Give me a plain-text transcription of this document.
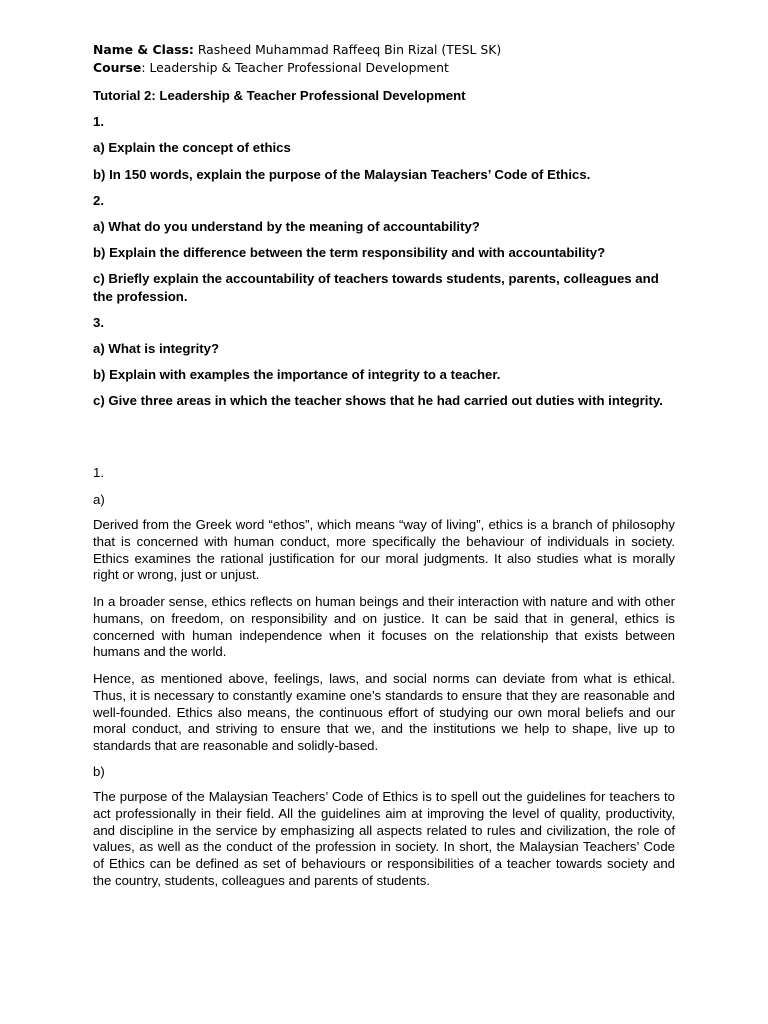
Name & Class: Rasheed Muhammad Raffeeq Bin Rizal (TESL SK)

Course: Leadership & Teacher Professional Development

Tutorial 2: Leadership & Teacher Professional Development

1.

a) Explain the concept of ethics

b) In 150 words, explain the purpose of the Malaysian Teachers’ Code of Ethics.

2.

a) What do you understand by the meaning of accountability?

b) Explain the difference between the term responsibility and with accountability?

c) Briefly explain the accountability of teachers towards students, parents, colleagues and the profession.

3.

a) What is integrity?

b) Explain with examples the importance of integrity to a teacher.

c) Give three areas in which the teacher shows that he had carried out duties with integrity.

1.

a)

Derived from the Greek word “ethos”, which means “way of living”, ethics is a branch of philosophy that is concerned with human conduct, more specifically the behaviour of individuals in society. Ethics examines the rational justification for our moral judgments. It also studies what is morally right or wrong, just or unjust.

In a broader sense, ethics reflects on human beings and their interaction with nature and with other humans, on freedom, on responsibility and on justice. It can be said that in general, ethics is concerned with human independence when it focuses on the relationship that exists between humans and the world.

Hence, as mentioned above, feelings, laws, and social norms can deviate from what is ethical. Thus, it is necessary to constantly examine one’s standards to ensure that they are reasonable and well-founded. Ethics also means, the continuous effort of studying our own moral beliefs and our moral conduct, and striving to ensure that we, and the institutions we help to shape, live up to standards that are reasonable and solidly-based.

b)

The purpose of the Malaysian Teachers’ Code of Ethics is to spell out the guidelines for teachers to act professionally in their field. All the guidelines aim at improving the level of quality, productivity, and discipline in the service by emphasizing all aspects related to rules and civilization, the role of values, as well as the conduct of the profession in society. In short, the Malaysian Teachers’ Code of Ethics can be defined as set of behaviours or responsibilities of a teacher towards society and the country, students, colleagues and parents of students.
